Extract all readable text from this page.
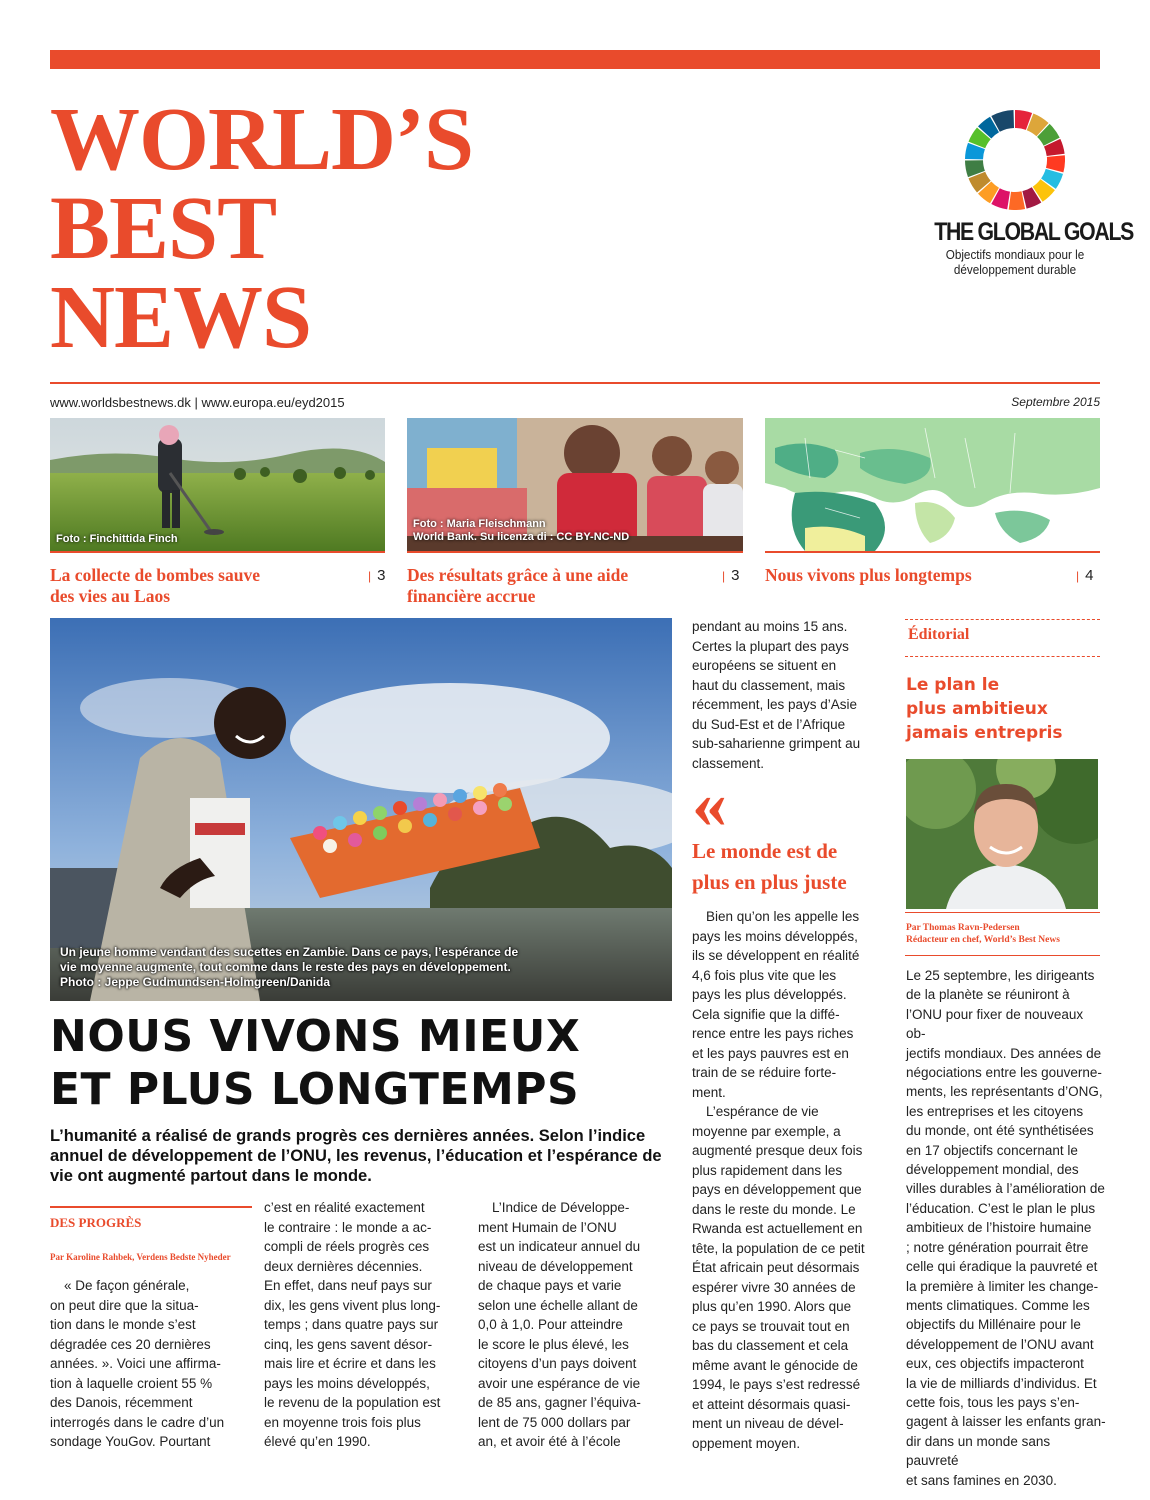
WORLD’S
BEST
NEWS
THE GLOBAL GOALS
Objectifs mondiaux pour le
développement durable
www.worldsbestnews.dk | www.europa.eu/eyd2015	Septembre 2015
Foto : Finchittida Finch
La collecte de bombes sauve
des vies au Laos
| 3
Foto : Maria Fleischmann
World Bank. Su licenza di : CC BY-NC-ND
Des résultats grâce à une aide
financière accrue
| 3 Nous vivons plus longtemps
|	4
Un jeune homme vendant des sucettes en Zambie. Dans ce pays, l’espérance de
vie moyenne augmente, tout comme dans le reste des pays en développement.
Photo : Jeppe Gudmundsen-Holmgreen/Danida
NOUS VIVONS MIEUX
ET PLUS LONGTEMPS
L’humanité a réalisé de grands progrès ces dernières années. Selon l’indice annuel de développement de l’ONU, les revenus, l’éducation et l’espérance de vie ont augmenté partout dans le monde.
DES PROGRÈS
Par Karoline Rahbek, Verdens Bedste Nyheder
« De façon générale,
on peut dire que la situa-
tion dans le monde s’est
dégradée ces 20 dernières
années. ». Voici une affirma-
tion à laquelle croient 55 %
des Danois, récemment
interrogés dans le cadre d’un
sondage YouGov. Pourtant
c’est en réalité exactement
le contraire : le monde a ac-
compli de réels progrès ces
deux dernières décennies.
En effet, dans neuf pays sur
dix, les gens vivent plus long-
temps ; dans quatre pays sur
cinq, les gens savent désor-
mais lire et écrire et dans les
pays les moins développés,
le revenu de la population est
en moyenne trois fois plus
élevé qu’en 1990.
L’Indice de Développe-
ment Humain de l’ONU
est un indicateur annuel du
niveau de développement
de chaque pays et varie
selon une échelle allant de
0,0 à 1,0. Pour atteindre
le score le plus élevé, les
citoyens d’un pays doivent
avoir une espérance de vie
de 85 ans, gagner l’équiva-
lent de 75 000 dollars par
an, et avoir été à l’école
pendant au moins 15 ans.
Certes la plupart des pays
européens se situent en
haut du classement, mais
récemment, les pays d’Asie
du Sud-Est et de l’Afrique
sub-saharienne grimpent au
classement.
«
Le monde est de
plus en plus juste
Bien qu’on les appelle les
pays les moins développés,
ils se développent en réalité
4,6 fois plus vite que les
pays les plus développés.
Cela signifie que la diffé-
rence entre les pays riches
et les pays pauvres est en
train de se réduire forte-
ment.
L’espérance de vie
moyenne par exemple, a
augmenté presque deux fois
plus rapidement dans les
pays en développement que
dans le reste du monde. Le
Rwanda est actuellement en
tête, la population de ce petit
État africain peut désormais
espérer vivre 30 années de
plus qu’en 1990. Alors que
ce pays se trouvait tout en
bas du classement et cela
même avant le génocide de
1994, le pays s’est redressé
et atteint désormais quasi-
ment un niveau de dével-
oppement moyen.
Éditorial
Le plan le
plus ambitieux
jamais entrepris
Par Thomas Ravn-Pedersen
Rédacteur en chef, World’s Best News
Le 25 septembre, les dirigeants
de la planète se réuniront à
l’ONU pour fixer de nouveaux ob-
jectifs mondiaux. Des années de
négociations entre les gouverne-
ments, les représentants d’ONG,
les entreprises et les citoyens
du monde, ont été synthétisées
en 17 objectifs concernant le
développement mondial, des
villes durables à l’amélioration de
l’éducation. C’est le plan le plus
ambitieux de l’histoire humaine
; notre génération pourrait être
celle qui éradique la pauvreté et
la première à limiter les change-
ments climatiques. Comme les
objectifs du Millénaire pour le
développement de l’ONU avant
eux, ces objectifs impacteront
la vie de milliards d’individus. Et
cette fois, tous les pays s’en-
gagent à laisser les enfants gran-
dir dans un monde sans pauvreté
et sans famines en 2030.
